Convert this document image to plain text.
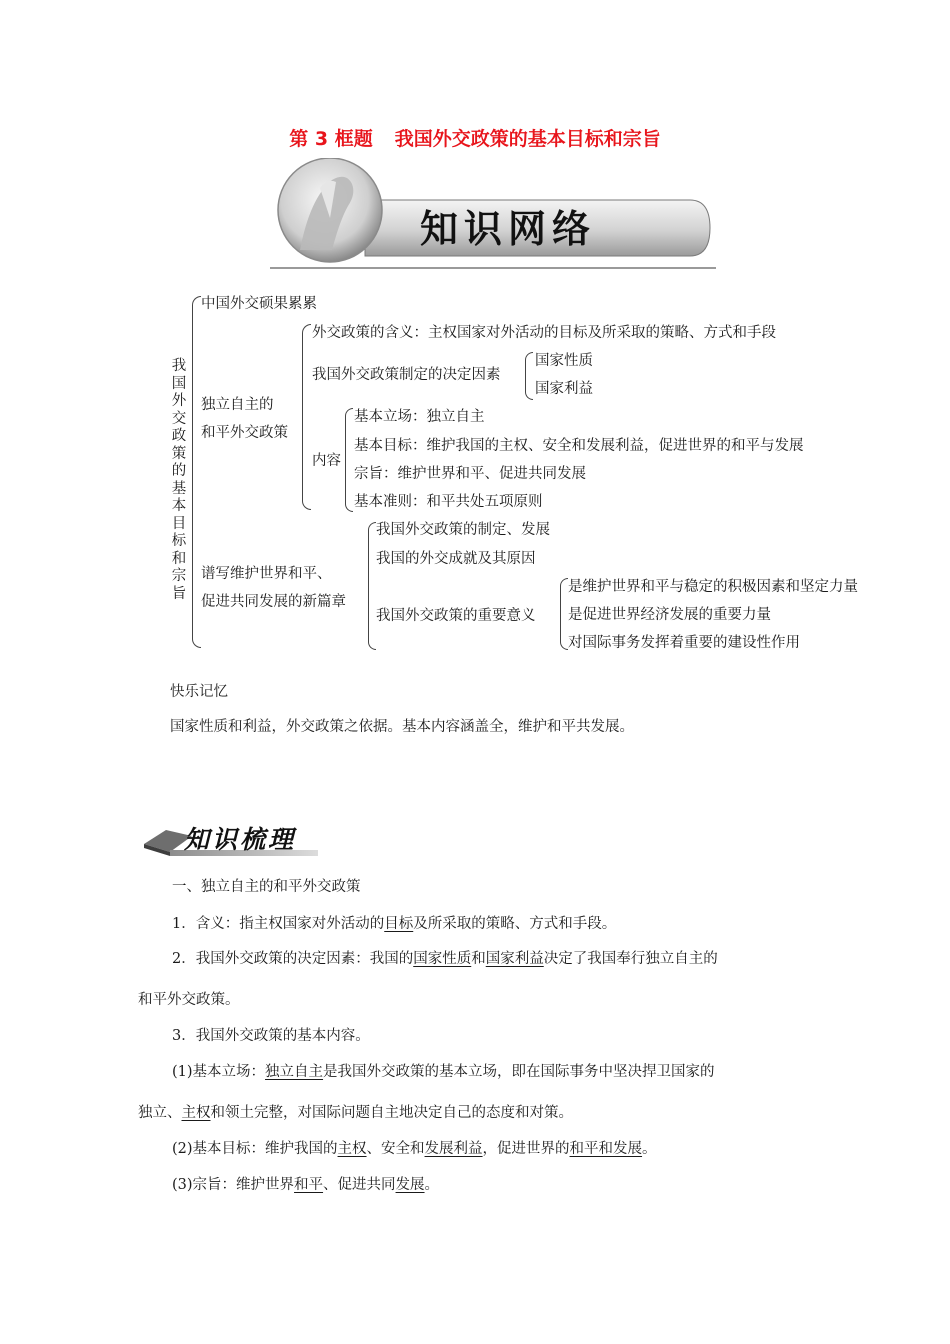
第 3 框题 我国外交政策的基本目标和宗旨
知识网络
我国外交政策的基本目标和宗旨
中国外交硕果累累
独立自主的
和平外交政策
谱写维护世界和平、
促进共同发展的新篇章
外交政策的含义：主权国家对外活动的目标及所采取的策略、方式和手段
我国外交政策制定的决定因素
国家性质
国家利益
内容
基本立场：独立自主
基本目标：维护我国的主权、安全和发展利益，促进世界的和平与发展
宗旨：维护世界和平、促进共同发展
基本准则：和平共处五项原则
我国外交政策的制定、发展
我国的外交成就及其原因
我国外交政策的重要意义
是维护世界和平与稳定的积极因素和坚定力量
是促进世界经济发展的重要力量
对国际事务发挥着重要的建设性作用
快乐记忆
国家性质和利益，外交政策之依据。基本内容涵盖全，维护和平共发展。
知识梳理
一、独立自主的和平外交政策
1．含义：指主权国家对外活动的目标及所采取的策略、方式和手段。
2．我国外交政策的决定因素：我国的国家性质和国家利益决定了我国奉行独立自主的
和平外交政策。
3．我国外交政策的基本内容。
(1)基本立场：独立自主是我国外交政策的基本立场，即在国际事务中坚决捍卫国家的
独立、主权和领土完整，对国际问题自主地决定自己的态度和对策。
(2)基本目标：维护我国的主权、安全和发展利益，促进世界的和平和发展。
(3)宗旨：维护世界和平、促进共同发展。
